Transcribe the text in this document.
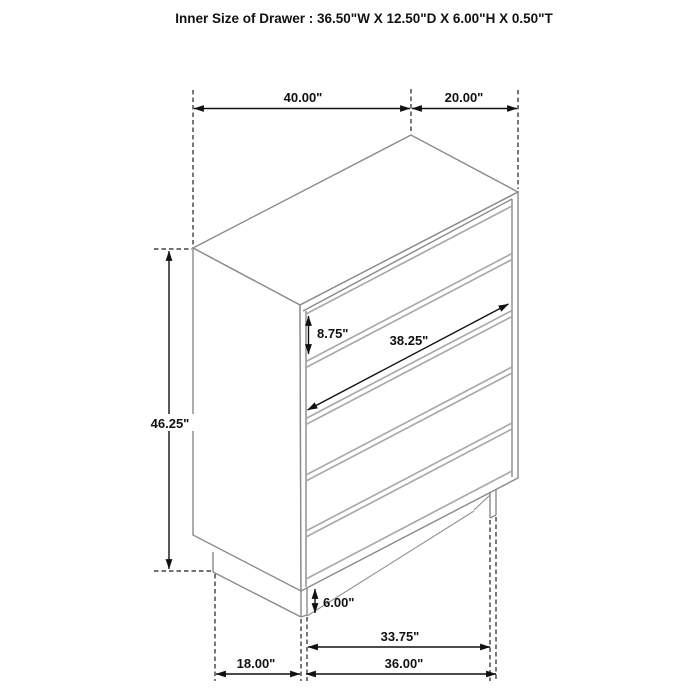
Inner Size of Drawer : 36.50"W X 12.50"D X 6.00"H X 0.50"T
40.00"	20.00"
46.25"
8.75"	38.25"
6.00"
33.75"
36.00"
18.00"
